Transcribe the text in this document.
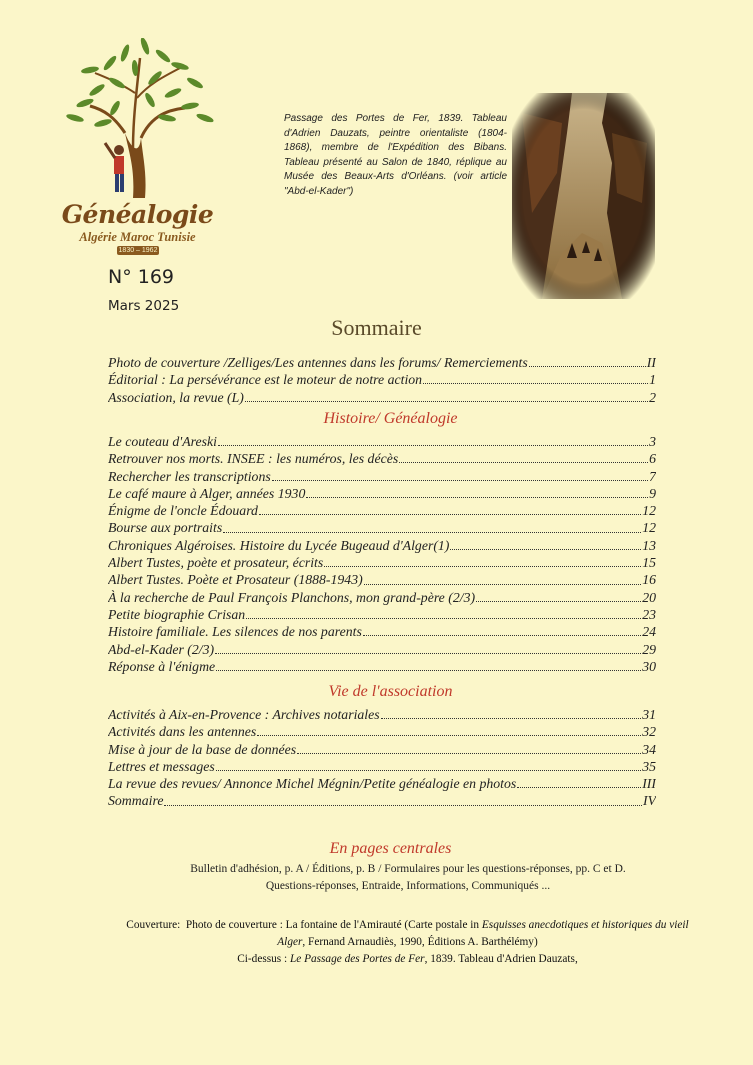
Généalogie
Algérie Maroc Tunisie
1830 – 1962
N° 169
Mars 2025
Passage des Portes de Fer, 1839. Tableau d'Adrien Dauzats, peintre orientaliste (1804-1868), membre de l'Expédition des Bibans. Tableau présenté au Salon de 1840, réplique au Musée des Beaux-Arts d'Orléans. (voir article "Abd-el-Kader")
Sommaire
Photo de couverture /Zelliges/Les antennes dans les forums/ Remerciements	II
Éditorial : La persévérance est le moteur de notre action	1
Association, la revue (L)	2
Histoire/ Généalogie
Le couteau d'Areski	3
Retrouver nos morts. INSEE : les numéros, les décès	6
Rechercher les transcriptions	7
Le café maure à Alger, années 1930	9
Énigme de l'oncle Édouard	12
Bourse aux portraits	12
Chroniques Algéroises. Histoire du Lycée Bugeaud d'Alger(1)	13
Albert Tustes, poète et prosateur, écrits	15
Albert Tustes. Poète et Prosateur (1888-1943)	16
À la recherche de Paul François Planchons, mon grand-père (2/3)	20
Petite biographie Crisan	23
Histoire familiale. Les silences de nos parents	24
Abd-el-Kader (2/3)	29
Réponse à l'énigme	30
Vie de l'association
Activités à Aix-en-Provence : Archives notariales	31
Activités dans les antennes	32
Mise à jour de la base de données	34
Lettres et messages	35
La revue des revues/ Annonce Michel Mégnin/Petite généalogie en photos	III
Sommaire	IV
En pages centrales
Bulletin d'adhésion, p. A / Éditions, p. B / Formulaires pour les questions-réponses, pp. C et D.
Questions-réponses, Entraide, Informations, Communiqués ...
Couverture: Photo de couverture : La fontaine de l'Amirauté (Carte postale in Esquisses anecdotiques et historiques du vieil Alger, Fernand Arnaudiès, 1990, Éditions A. Barthélémy)
Ci-dessus : Le Passage des Portes de Fer, 1839. Tableau d'Adrien Dauzats,
